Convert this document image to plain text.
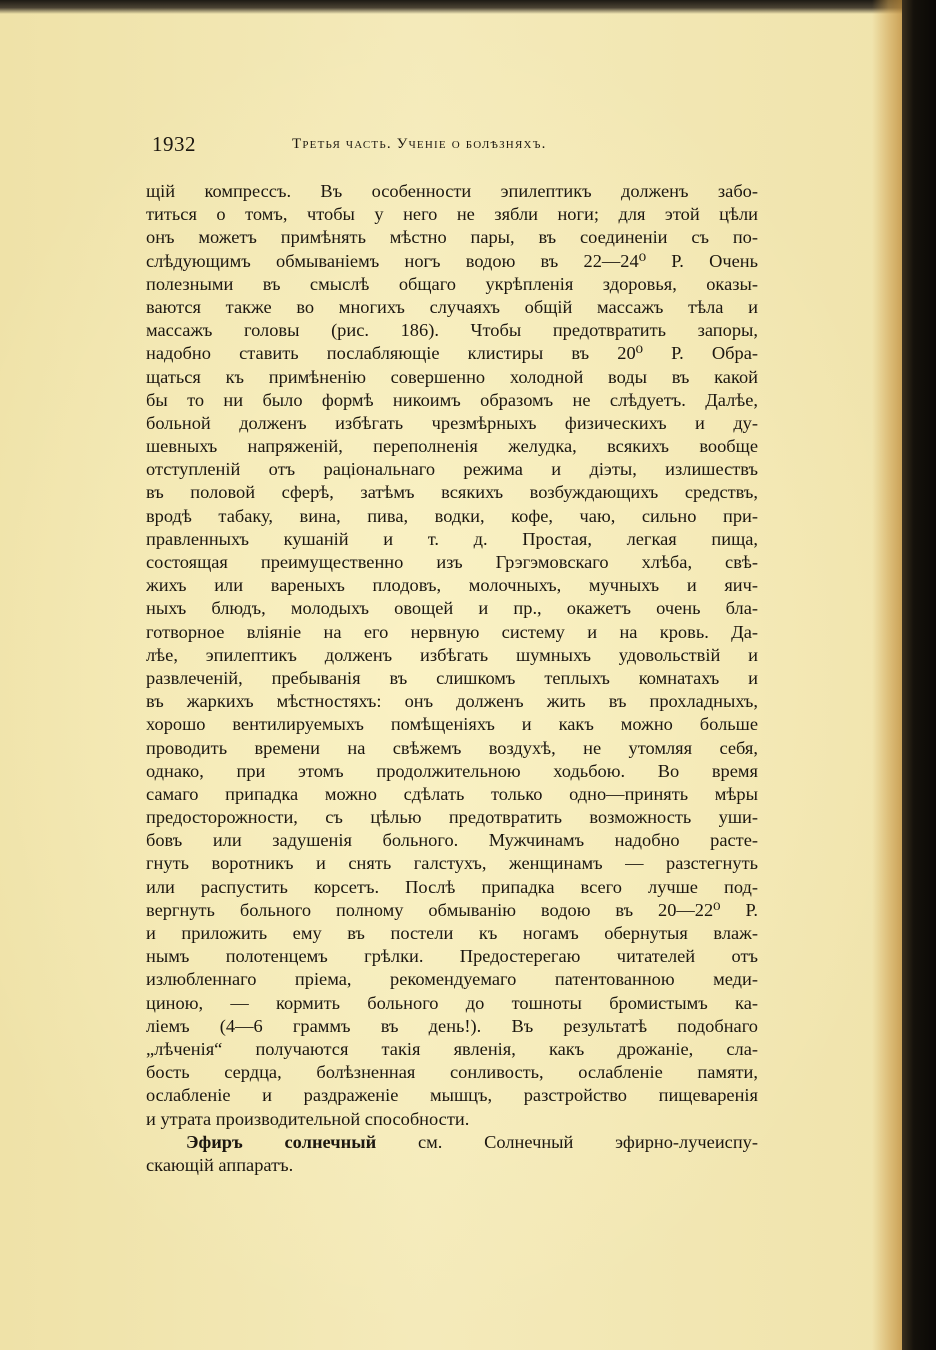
1932	Третья часть. Ученіе о болѣзняхъ.
щій компрессъ. Въ особенности эпилептикъ долженъ забо-
титься о томъ, чтобы у него не зябли ноги; для этой цѣли
онъ можетъ примѣнять мѣстно пары, въ соединеніи съ по-
слѣдующимъ обмываніемъ ногъ водою въ 22—24⁰ Р. Очень
полезными въ смыслѣ общаго укрѣпленія здоровья, оказы-
ваются также во многихъ случаяхъ общій массажъ тѣла и
массажъ головы (рис. 186). Чтобы предотвратить запоры,
надобно ставить послабляющіе клистиры въ 20⁰ Р. Обра-
щаться къ примѣненію совершенно холодной воды въ какой
бы то ни было формѣ никоимъ образомъ не слѣдуетъ. Далѣе,
больной долженъ избѣгать чрезмѣрныхъ физическихъ и ду-
шевныхъ напряженій, переполненія желудка, всякихъ вообще
отступленій отъ раціональнаго режима и діэты, излишествъ
въ половой сферѣ, затѣмъ всякихъ возбуждающихъ средствъ,
вродѣ табаку, вина, пива, водки, кофе, чаю, сильно при-
правленныхъ кушаній и т. д. Простая, легкая пища,
состоящая преимущественно изъ Грэгэмовскаго хлѣба, свѣ-
жихъ или вареныхъ плодовъ, молочныхъ, мучныхъ и яич-
ныхъ блюдъ, молодыхъ овощей и пр., окажетъ очень бла-
готворное вліяніе на его нервную систему и на кровь. Да-
лѣе, эпилептикъ долженъ избѣгать шумныхъ удовольствій и
развлеченій, пребыванія въ слишкомъ теплыхъ комнатахъ и
въ жаркихъ мѣстностяхъ: онъ долженъ жить въ прохладныхъ,
хорошо вентилируемыхъ помѣщеніяхъ и какъ можно больше
проводить времени на свѣжемъ воздухѣ, не утомляя себя,
однако, при этомъ продолжительною ходьбою. Во время
самаго припадка можно сдѣлать только одно—принять мѣры
предосторожности, съ цѣлью предотвратить возможность уши-
бовъ или задушенія больного. Мужчинамъ надобно расте-
гнуть воротникъ и снять галстухъ, женщинамъ — разстегнуть
или распустить корсетъ. Послѣ припадка всего лучше под-
вергнуть больного полному обмыванію водою въ 20—22⁰ Р.
и приложить ему въ постели къ ногамъ обернутыя влаж-
нымъ полотенцемъ грѣлки. Предостерегаю читателей отъ
излюбленнаго пріема, рекомендуемаго патентованною меди-
циною, — кормить больного до тошноты бромистымъ ка-
ліемъ (4—6 граммъ въ день!). Въ результатѣ подобнаго
„лѣченія“ получаются такія явленія, какъ дрожаніе, сла-
бость сердца, болѣзненная сонливость, ослабленіе памяти,
ослабленіе и раздраженіе мышцъ, разстройство пищеваренія
и утрата производительной способности.
Эфиръ солнечный см. Солнечный эфирно-лучеиспу-
скающій аппаратъ.
